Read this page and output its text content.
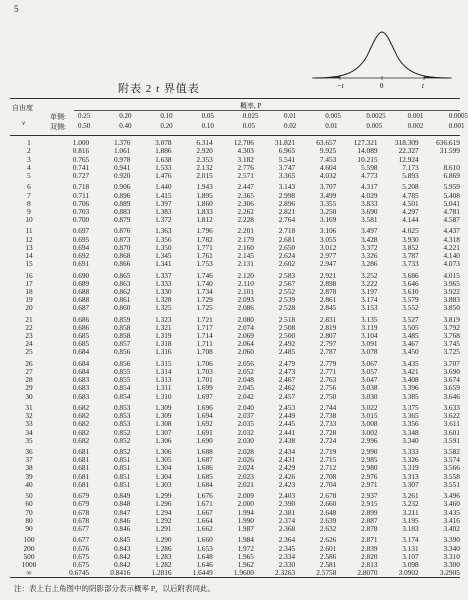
5
−t	0	t
附表 2 t 界值表
自由度
ν
概率, P
单侧:
双侧:
0.25	0.20	0.10	0.05	0.025	0.01	0.005	0.0025	0.001	0.0005
0.50	0.40	0.20	0.10	0.05	0.02	0.01	0.005	0.002	0.001
1	1.000	1.376	3.078	6.314	12.706	31.821	63.657	127.321	318.309	636.619
2	0.816	1.061	1.886	2.920	4.303	6.965	9.925	14.089	22.327	31.599
3	0.765	0.978	1.638	2.353	3.182	5.541	7.453	10.215	12.924
4	0.741	0.941	1.533	2.132	2.776	3.747	4.604	5.598	7.173	8.610
5	0.727	0.920	1.476	2.015	2.571	3.365	4.032	4.773	5.893	6.869
6	0.718	0.906	1.440	1.943	2.447	3.143	3.707	4.317	5.208	5.959
7	0.711	0.896	1.415	1.895	2.365	2.998	3.499	4.029	4.785	5.408
8	0.706	0.889	1.397	1.860	2.306	2.896	3.355	3.833	4.501	5.041
9	0.703	0.883	1.383	1.833	2.262	2.821	3.250	3.690	4.297	4.781
10	0.700	0.879	1.372	1.812	2.228	2.764	3.169	3.581	4.144	4.587
11	0.697	0.876	1.363	1.796	2.201	2.718	3.106	3.497	4.025	4.437
12	0.695	0.873	1.356	1.782	2.179	2.681	3.055	3.428	3.930	4.318
13	0.694	0.870	1.350	1.771	2.160	2.650	3.012	3.372	3.852	4.221
14	0.692	0.868	1.345	1.761	2.145	2.624	2.977	3.326	3.787	4.140
15	0.691	0.866	1.341	1.753	2.131	2.602	2.947	3.286	3.733	4.073
16	0.690	0.865	1.337	1.746	2.120	2.583	2.921	3.252	3.686	4.015
17	0.689	0.863	1.333	1.740	2.110	2.567	2.898	3.222	3.646	3.965
18	0.688	0.862	1.330	1.734	2.101	2.552	2.878	3.197	3.610	3.922
19	0.688	0.861	1.328	1.729	2.093	2.539	2.861	3.174	3.579	3.883
20	0.687	0.860	1.325	1.725	2.086	2.528	2.845	3.153	3.552	3.850
21	0.686	0.859	1.323	1.721	2.080	2.518	2.831	3.135	3.527	3.819
22	0.686	0.858	1.321	1.717	2.074	2.508	2.819	3.119	3.505	3.792
23	0.685	0.858	1.319	1.714	2.069	2.500	2.807	3.104	3.485	3.768
24	0.685	0.857	1.318	1.711	2.064	2.492	2.797	3.091	3.467	3.745
25	0.684	0.856	1.316	1.708	2.060	2.485	2.787	3.078	3.450	3.725
26	0.684	0.856	1.315	1.706	2.056	2.479	2.779	3.067	3.435	3.707
27	0.684	0.855	1.314	1.703	2.052	2.473	2.771	3.057	3.421	3.690
28	0.683	0.855	1.313	1.701	2.048	2.467	2.763	3.047	3.408	3.674
29	0.683	0.854	1.311	1.699	2.045	2.462	2.756	3.038	3.396	3.659
30	0.683	0.854	1.310	1.697	2.042	2.457	2.750	3.030	3.385	3.646
31	0.682	0.853	1.309	1.696	2.040	2.453	2.744	3.022	3.375	3.633
32	0.682	0.853	1.309	1.694	2.037	2.449	2.738	3.015	3.365	3.622
33	0.682	0.853	1.308	1.692	2.035	2.445	2.733	3.008	3.356	3.611
34	0.682	0.852	1.307	1.691	2.032	2.441	2.728	3.002	3.348	3.601
35	0.682	0.852	1.306	1.690	2.030	2.438	2.724	2.996	3.340	3.591
36	0.681	0.852	1.306	1.688	2.028	2.434	2.719	2.990	3.333	3.582
37	0.681	0.851	1.305	1.687	2.026	2.431	2.715	2.985	3.326	3.574
38	0.681	0.851	1.304	1.686	2.024	2.429	2.712	2.980	3.319	3.566
39	0.681	0.851	1.304	1.685	2.023	2.426	2.708	2.976	3.313	3.558
40	0.681	0.851	1.303	1.684	2.021	2.423	2.704	2.971	3.307	3.551
50	0.679	0.849	1.299	1.676	2.009	2.403	2.678	2.937	3.261	3.496
60	0.679	0.848	1.296	1.671	2.000	2.390	2.660	2.915	3.232	3.460
70	0.678	0.847	1.294	1.667	1.994	2.381	2.648	2.899	3.211	3.435
80	0.678	0.846	1.292	1.664	1.990	2.374	2.639	2.887	3.195	3.416
90	0.677	0.846	1.291	1.662	1.987	2.368	2.632	2.878	3.183	3.402
100	0.677	0.845	1.290	1.660	1.984	2.364	2.626	2.871	3.174	3.390
200	0.676	0.843	1.286	1.653	1.972	2.345	2.601	2.839	3.131	3.340
500	0.675	0.842	1.283	1.648	1.965	2.334	2.586	2.820	3.107	3.310
1000	0.675	0.842	1.282	1.646	1.962	2.330	2.581	2.813	3.098	3.300
∞	0.6745	0.8416	1.2816	1.6449	1.9600	2.3263	2.5758	2.8070	3.0902	3.2905
注：表上右上角图中的阴影部分表示概率 P，以后附表同此。
